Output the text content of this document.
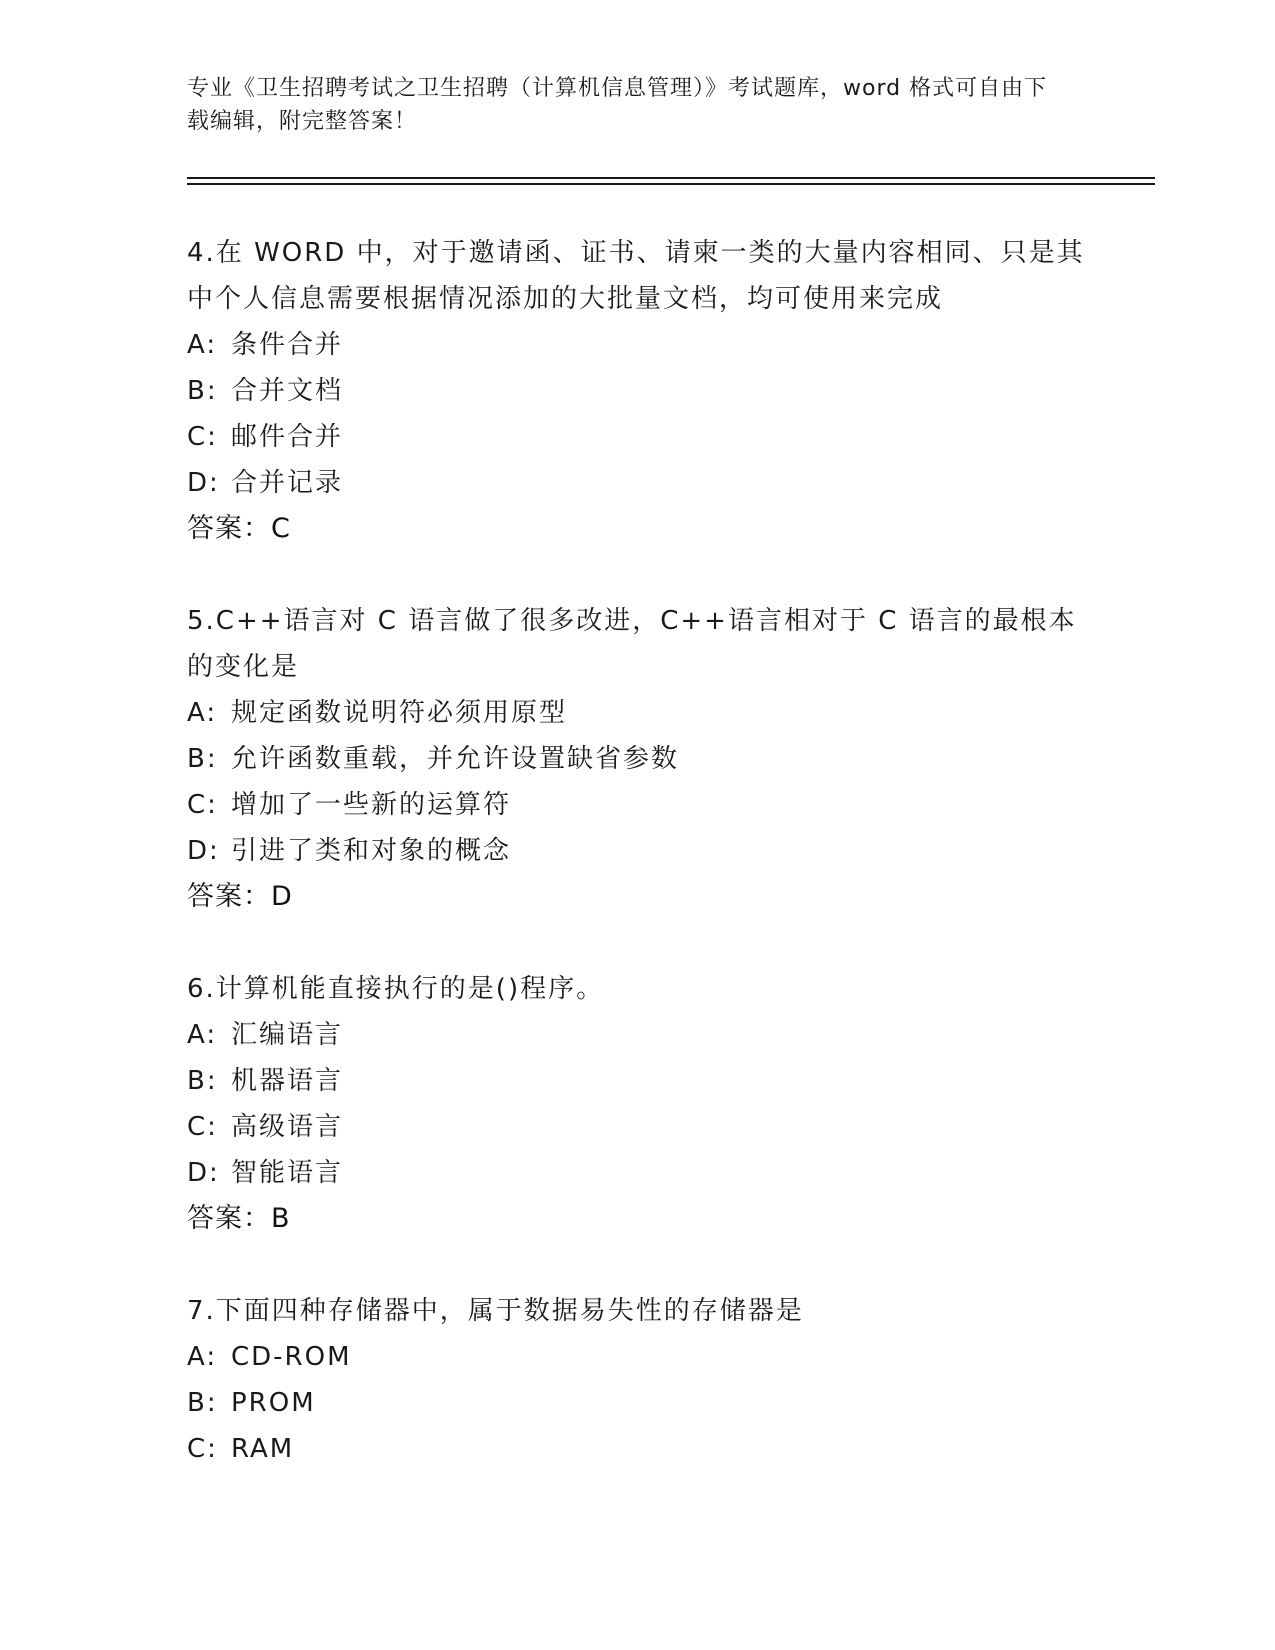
专业《卫生招聘考试之卫生招聘（计算机信息管理）》考试题库，word 格式可自由下载编辑，附完整答案！
4.在 WORD 中，对于邀请函、证书、请柬一类的大量内容相同、只是其中个人信息需要根据情况添加的大批量文档，均可使用来完成
A: 条件合并
B: 合并文档
C: 邮件合并
D: 合并记录
答案：C
5.C++语言对 C 语言做了很多改进，C++语言相对于 C 语言的最根本的变化是
A: 规定函数说明符必须用原型
B: 允许函数重载，并允许设置缺省参数
C: 增加了一些新的运算符
D: 引进了类和对象的概念
答案：D
6.计算机能直接执行的是()程序。
A: 汇编语言
B: 机器语言
C: 高级语言
D: 智能语言
答案：B
7.下面四种存储器中，属于数据易失性的存储器是
A: CD-ROM
B: PROM
C: RAM
